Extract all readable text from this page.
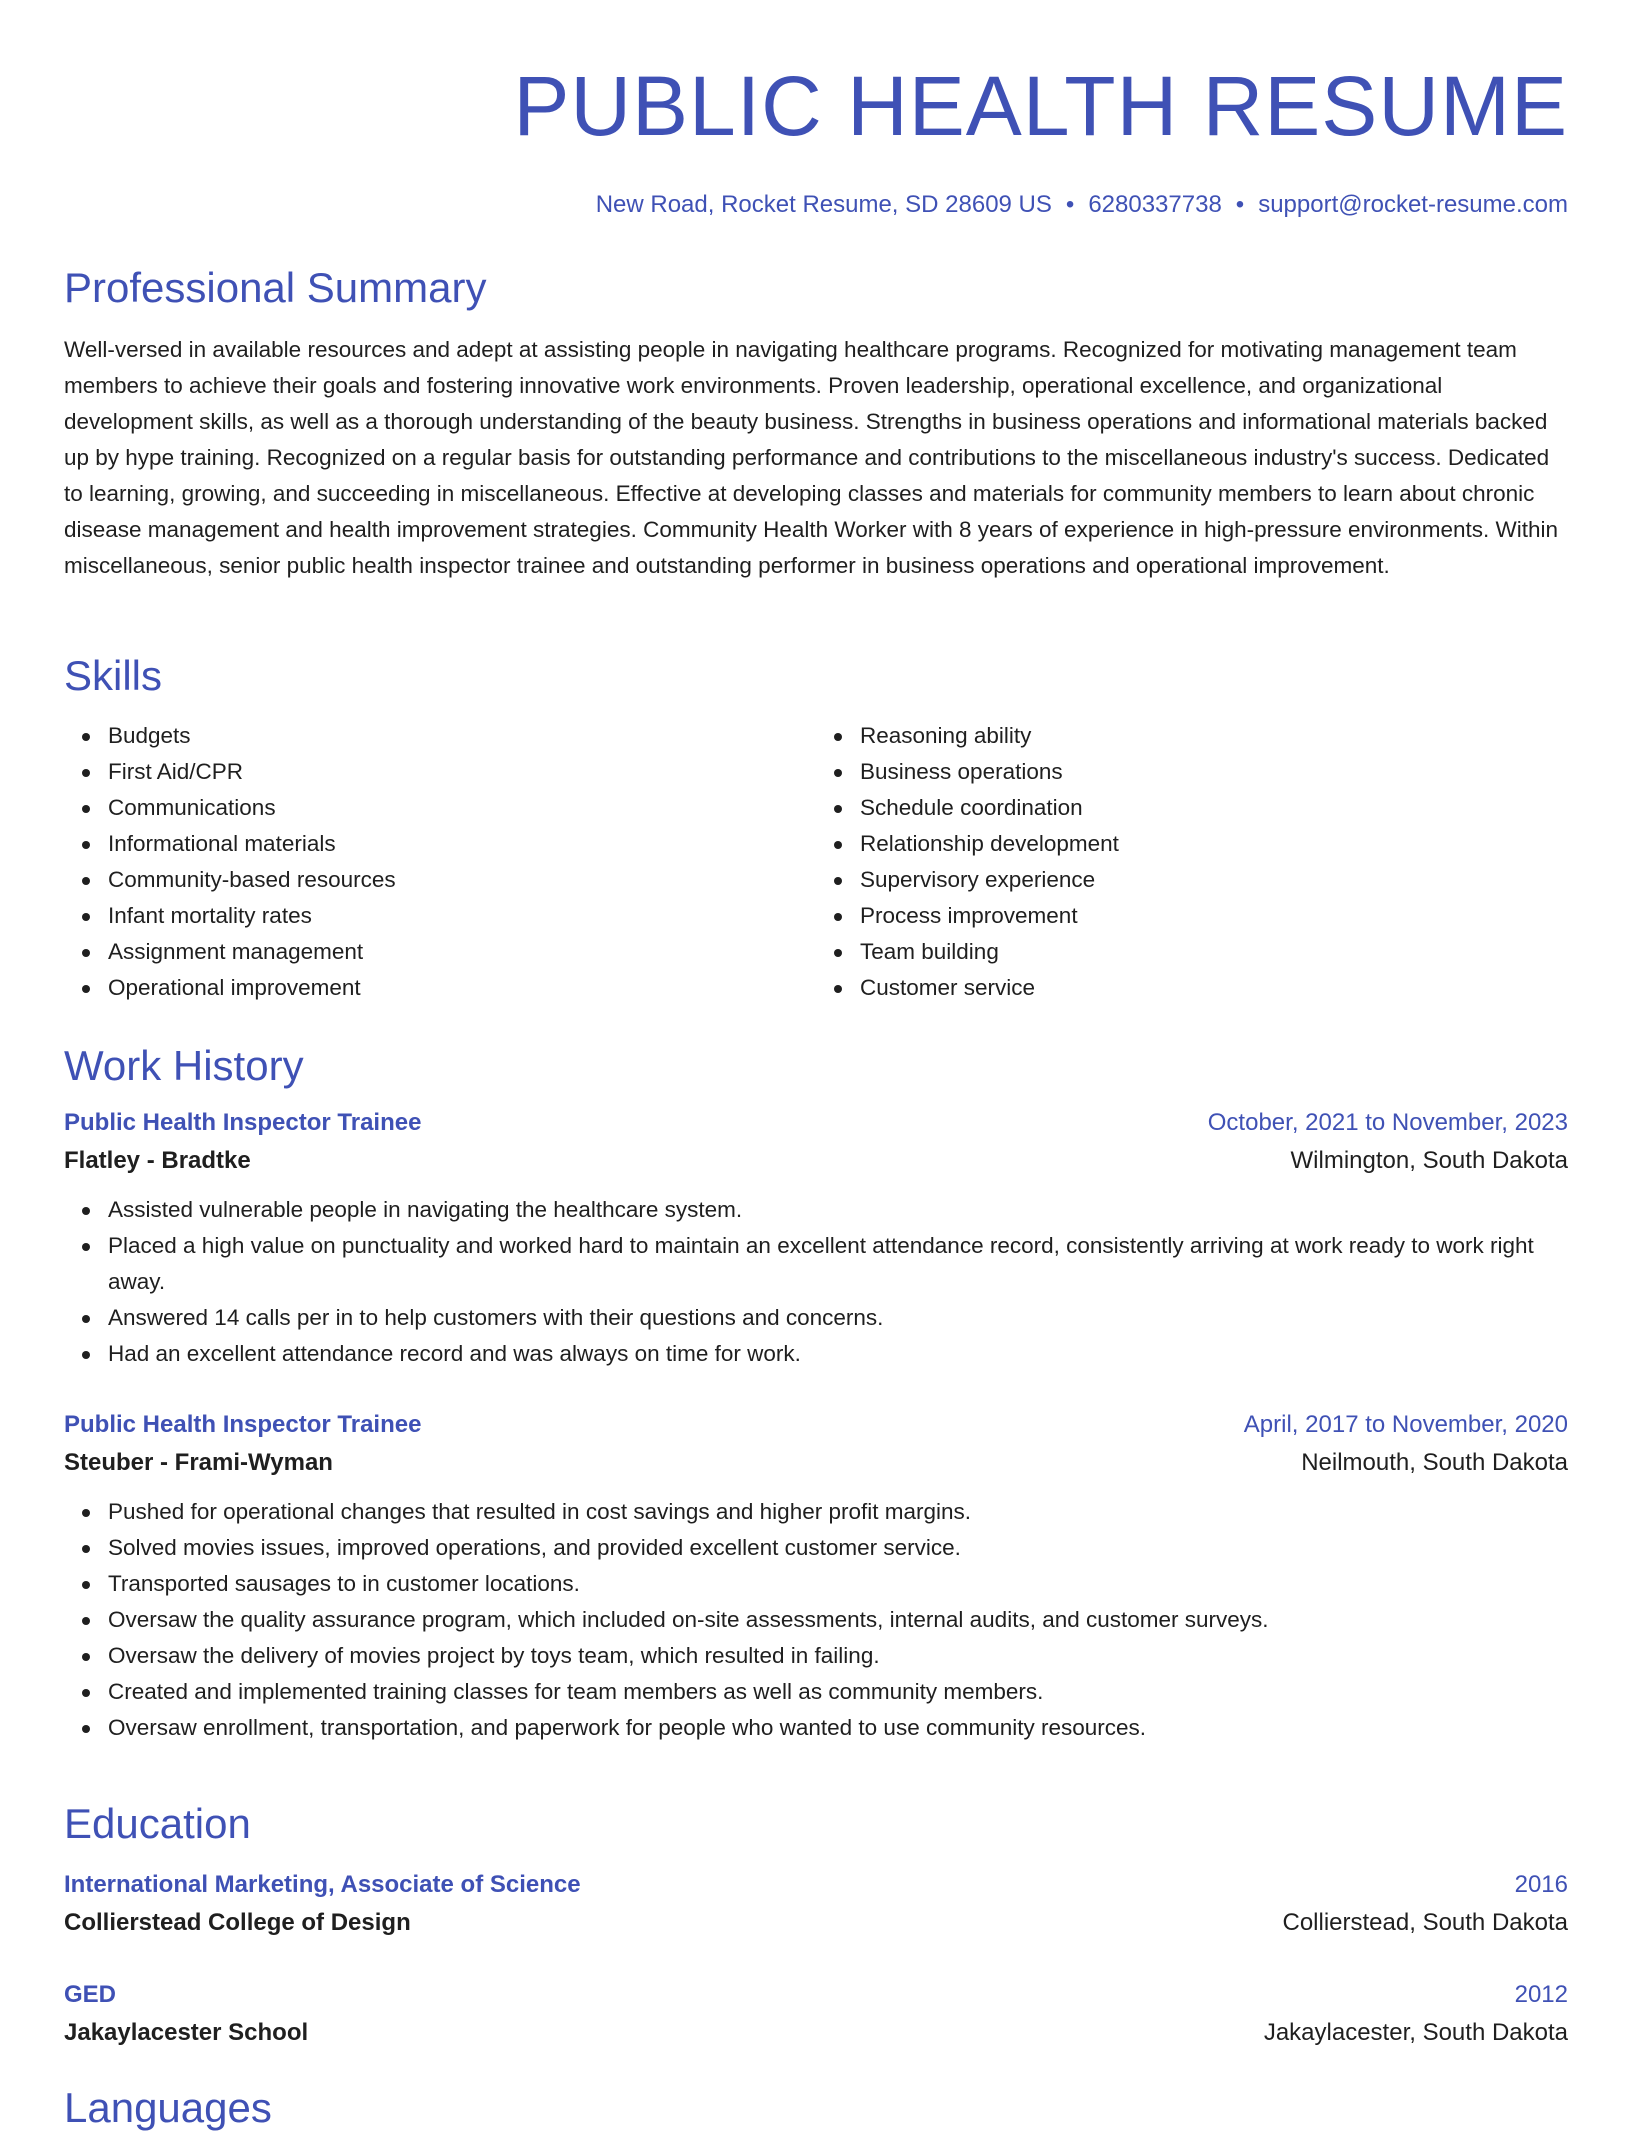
PUBLIC HEALTH RESUME
New Road, Rocket Resume, SD 28609 US • 6280337738 • support@rocket-resume.com
Professional Summary
Well-versed in available resources and adept at assisting people in navigating healthcare programs. Recognized for motivating management team members to achieve their goals and fostering innovative work environments. Proven leadership, operational excellence, and organizational development skills, as well as a thorough understanding of the beauty business. Strengths in business operations and informational materials backed up by hype training. Recognized on a regular basis for outstanding performance and contributions to the miscellaneous industry's success. Dedicated to learning, growing, and succeeding in miscellaneous. Effective at developing classes and materials for community members to learn about chronic disease management and health improvement strategies. Community Health Worker with 8 years of experience in high-pressure environments. Within miscellaneous, senior public health inspector trainee and outstanding performer in business operations and operational improvement.
Skills
Budgets
First Aid/CPR
Communications
Informational materials
Community-based resources
Infant mortality rates
Assignment management
Operational improvement
Reasoning ability
Business operations
Schedule coordination
Relationship development
Supervisory experience
Process improvement
Team building
Customer service
Work History
Public Health Inspector Trainee	October, 2021 to November, 2023
Flatley - Bradtke	Wilmington, South Dakota
Assisted vulnerable people in navigating the healthcare system.
Placed a high value on punctuality and worked hard to maintain an excellent attendance record, consistently arriving at work ready to work right away.
Answered 14 calls per in to help customers with their questions and concerns.
Had an excellent attendance record and was always on time for work.
Public Health Inspector Trainee	April, 2017 to November, 2020
Steuber - Frami-Wyman	Neilmouth, South Dakota
Pushed for operational changes that resulted in cost savings and higher profit margins.
Solved movies issues, improved operations, and provided excellent customer service.
Transported sausages to in customer locations.
Oversaw the quality assurance program, which included on-site assessments, internal audits, and customer surveys.
Oversaw the delivery of movies project by toys team, which resulted in failing.
Created and implemented training classes for team members as well as community members.
Oversaw enrollment, transportation, and paperwork for people who wanted to use community resources.
Education
International Marketing, Associate of Science	2016
Collierstead College of Design	Collierstead, South Dakota
GED	2012
Jakaylacester School	Jakaylacester, South Dakota
Languages
